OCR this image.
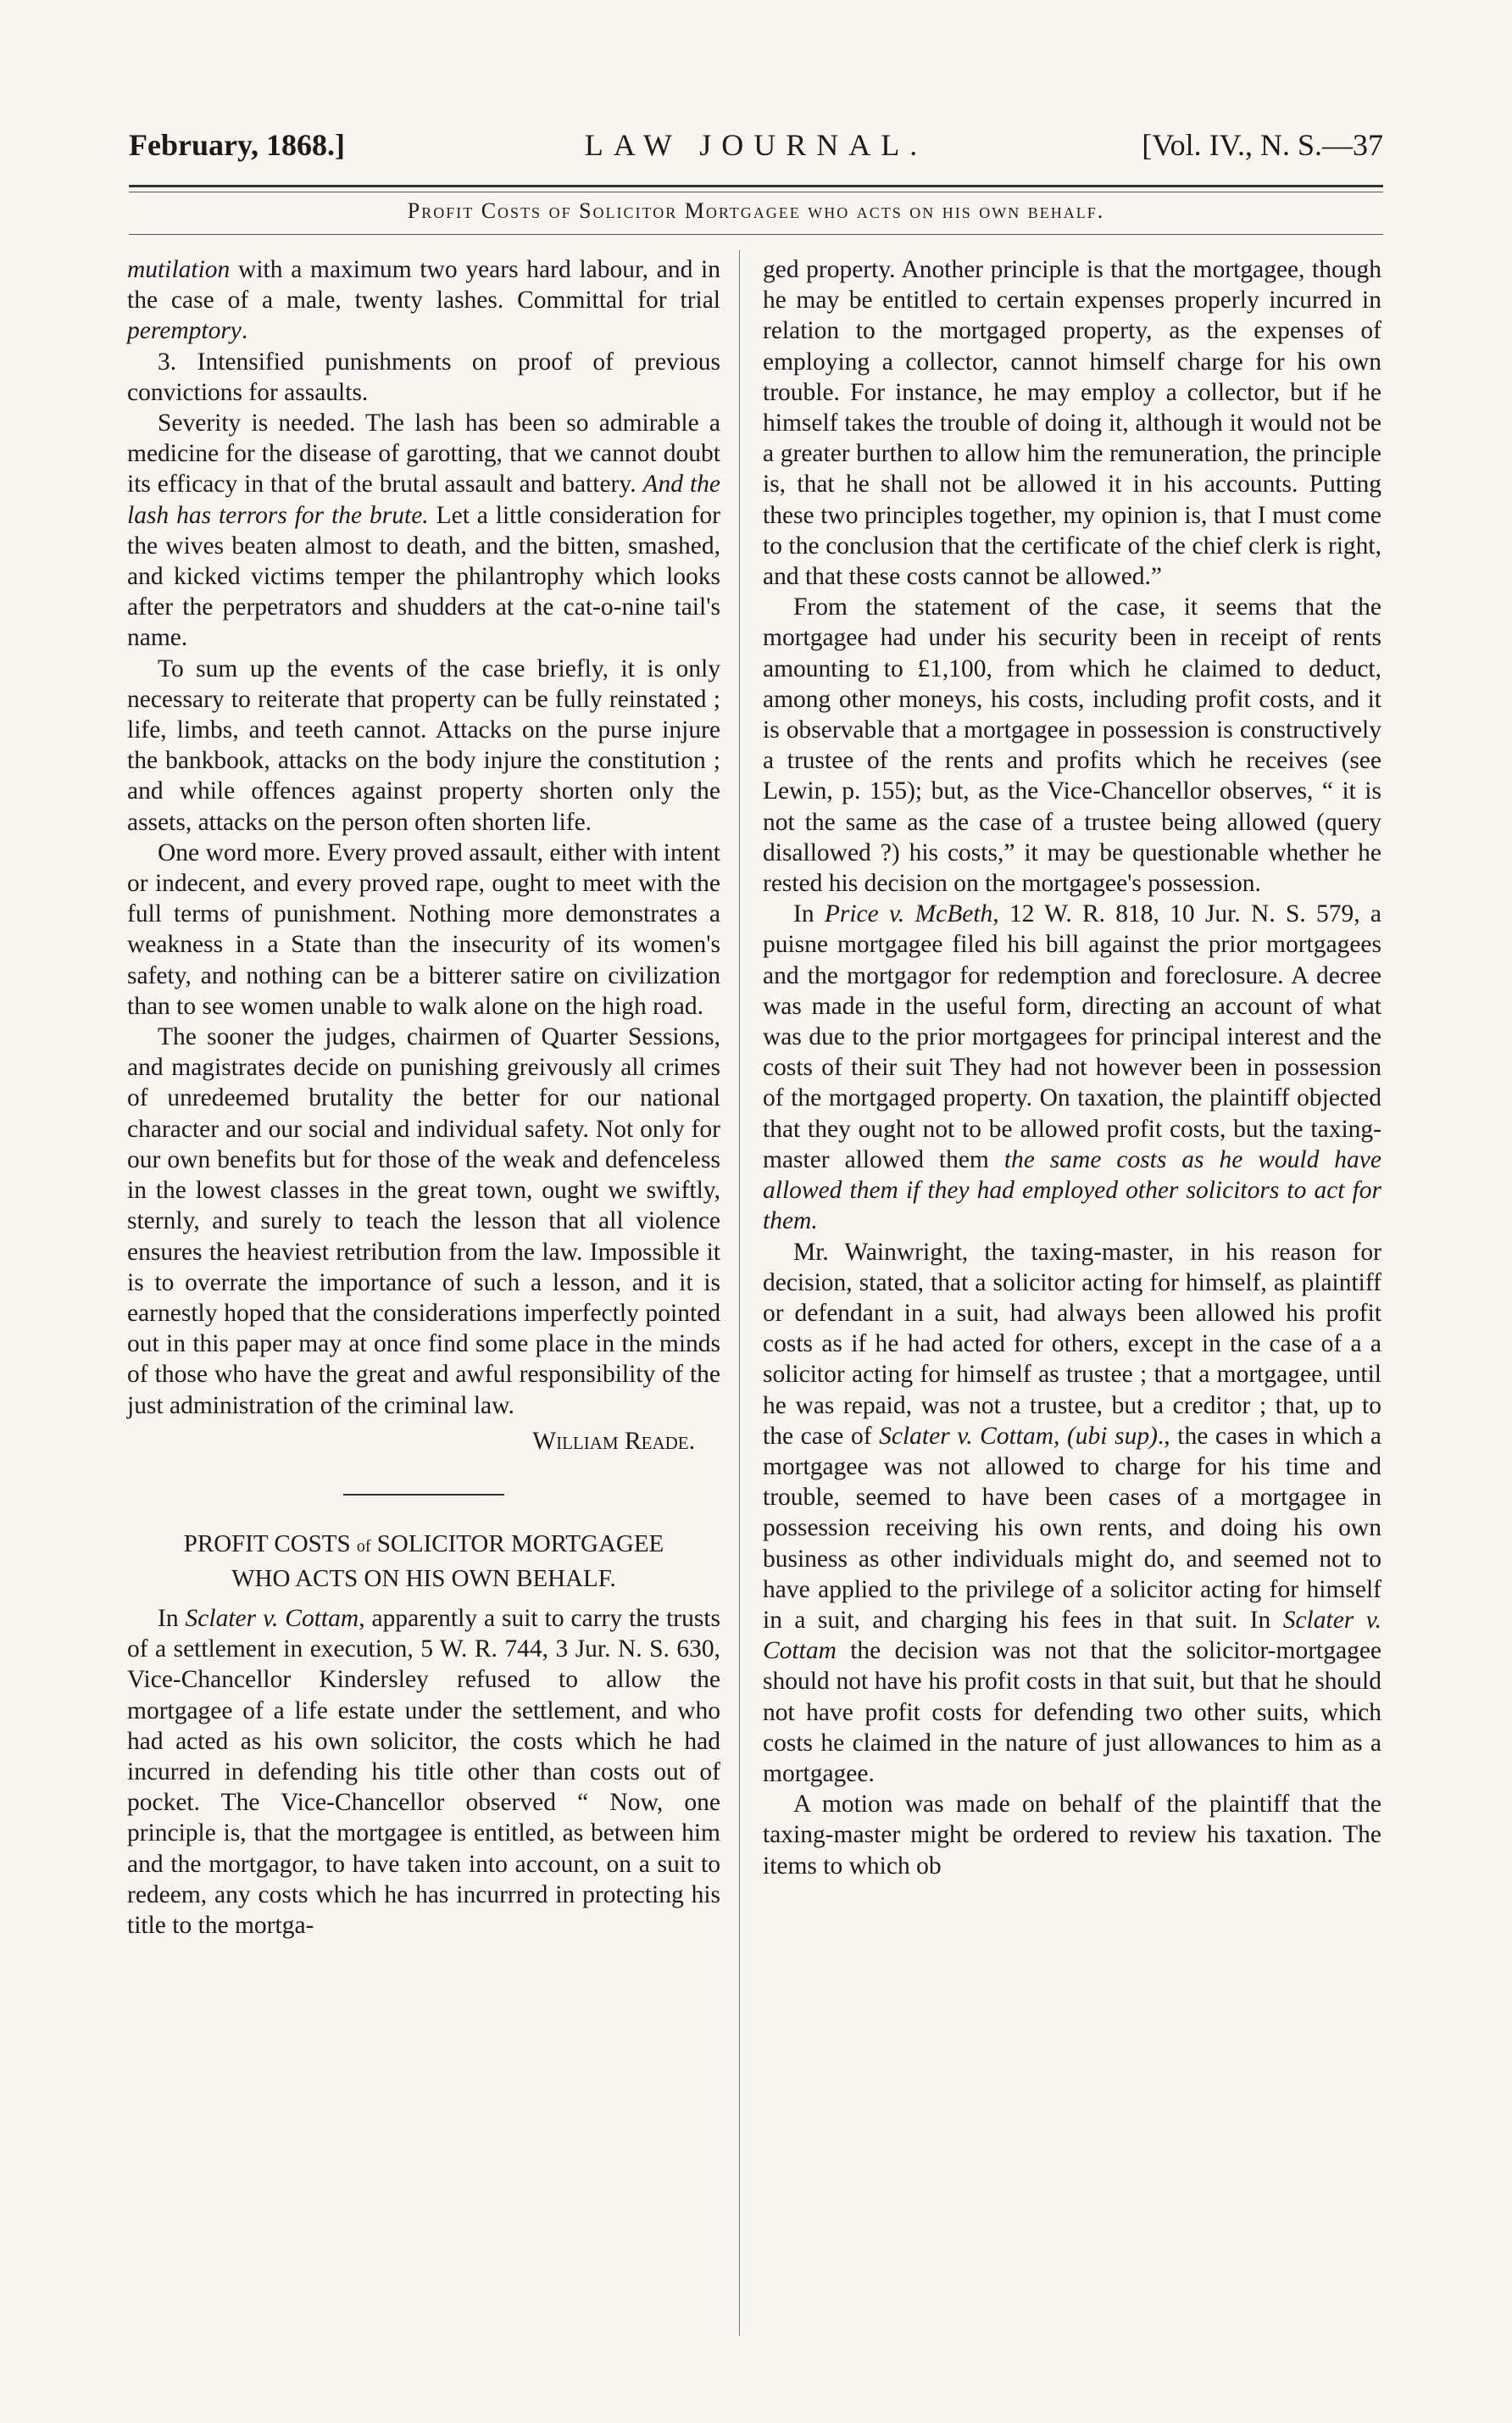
February, 1868.]	LAW JOURNAL.	[Vol. IV., N. S.—37
Profit Costs of Solicitor Mortgagee who acts on his own behalf.

mutilation with a maximum two years hard labour, and in the case of a male, twenty lashes. Committal for trial peremptory.

3. Intensified punishments on proof of previous convictions for assaults.

Severity is needed. The lash has been so admirable a medicine for the disease of garotting, that we cannot doubt its efficacy in that of the brutal assault and battery. And the lash has terrors for the brute. Let a little consideration for the wives beaten almost to death, and the bitten, smashed, and kicked victims temper the philantrophy which looks after the perpetrators and shudders at the cat-o-nine tail's name.

To sum up the events of the case briefly, it is only necessary to reiterate that property can be fully reinstated ; life, limbs, and teeth cannot. Attacks on the purse injure the bankbook, attacks on the body injure the constitution ; and while offences against property shorten only the assets, attacks on the person often shorten life.

One word more. Every proved assault, either with intent or indecent, and every proved rape, ought to meet with the full terms of punishment. Nothing more demonstrates a weakness in a State than the insecurity of its women's safety, and nothing can be a bitterer satire on civilization than to see women unable to walk alone on the high road.

The sooner the judges, chairmen of Quarter Sessions, and magistrates decide on punishing greivously all crimes of unredeemed brutality the better for our national character and our social and individual safety. Not only for our own benefits but for those of the weak and defenceless in the lowest classes in the great town, ought we swiftly, sternly, and surely to teach the lesson that all violence ensures the heaviest retribution from the law. Impossible it is to overrate the importance of such a lesson, and it is earnestly hoped that the considerations imperfectly pointed out in this paper may at once find some place in the minds of those who have the great and awful responsibility of the just administration of the criminal law.

William Reade.

PROFIT COSTS of SOLICITOR MORTGAGEE
WHO ACTS ON HIS OWN BEHALF.

In Sclater v. Cottam, apparently a suit to carry the trusts of a settlement in execution, 5 W. R. 744, 3 Jur. N. S. 630, Vice-Chancellor Kindersley refused to allow the mortgagee of a life estate under the settlement, and who had acted as his own solicitor, the costs which he had incurred in defending his title other than costs out of pocket. The Vice-Chancellor observed “ Now, one principle is, that the mortgagee is entitled, as between him and the mortgagor, to have taken into account, on a suit to redeem, any costs which he has incurrred in protecting his title to the mortga-

ged property. Another principle is that the mortgagee, though he may be entitled to certain expenses properly incurred in relation to the mortgaged property, as the expenses of employing a collector, cannot himself charge for his own trouble. For instance, he may employ a collector, but if he himself takes the trouble of doing it, although it would not be a greater burthen to allow him the remuneration, the principle is, that he shall not be allowed it in his accounts. Putting these two principles together, my opinion is, that I must come to the conclusion that the certificate of the chief clerk is right, and that these costs cannot be allowed.”

From the statement of the case, it seems that the mortgagee had under his security been in receipt of rents amounting to £1,100, from which he claimed to deduct, among other moneys, his costs, including profit costs, and it is observable that a mortgagee in possession is constructively a trustee of the rents and profits which he receives (see Lewin, p. 155); but, as the Vice-Chancellor observes, “ it is not the same as the case of a trustee being allowed (query disallowed ?) his costs,” it may be questionable whether he rested his decision on the mortgagee's possession.

In Price v. McBeth, 12 W. R. 818, 10 Jur. N. S. 579, a puisne mortgagee filed his bill against the prior mortgagees and the mortgagor for redemption and foreclosure. A decree was made in the useful form, directing an account of what was due to the prior mortgagees for principal interest and the costs of their suit They had not however been in possession of the mortgaged property. On taxation, the plaintiff objected that they ought not to be allowed profit costs, but the taxing-master allowed them the same costs as he would have allowed them if they had employed other solicitors to act for them.

Mr. Wainwright, the taxing-master, in his reason for decision, stated, that a solicitor acting for himself, as plaintiff or defendant in a suit, had always been allowed his profit costs as if he had acted for others, except in the case of a a solicitor acting for himself as trustee ; that a mortgagee, until he was repaid, was not a trustee, but a creditor ; that, up to the case of Sclater v. Cottam, (ubi sup)., the cases in which a mortgagee was not allowed to charge for his time and trouble, seemed to have been cases of a mortgagee in possession receiving his own rents, and doing his own business as other individuals might do, and seemed not to have applied to the privilege of a solicitor acting for himself in a suit, and charging his fees in that suit. In Sclater v. Cottam the decision was not that the solicitor-mortgagee should not have his profit costs in that suit, but that he should not have profit costs for defending two other suits, which costs he claimed in the nature of just allowances to him as a mortgagee.

A motion was made on behalf of the plaintiff that the taxing-master might be ordered to review his taxation. The items to which ob
